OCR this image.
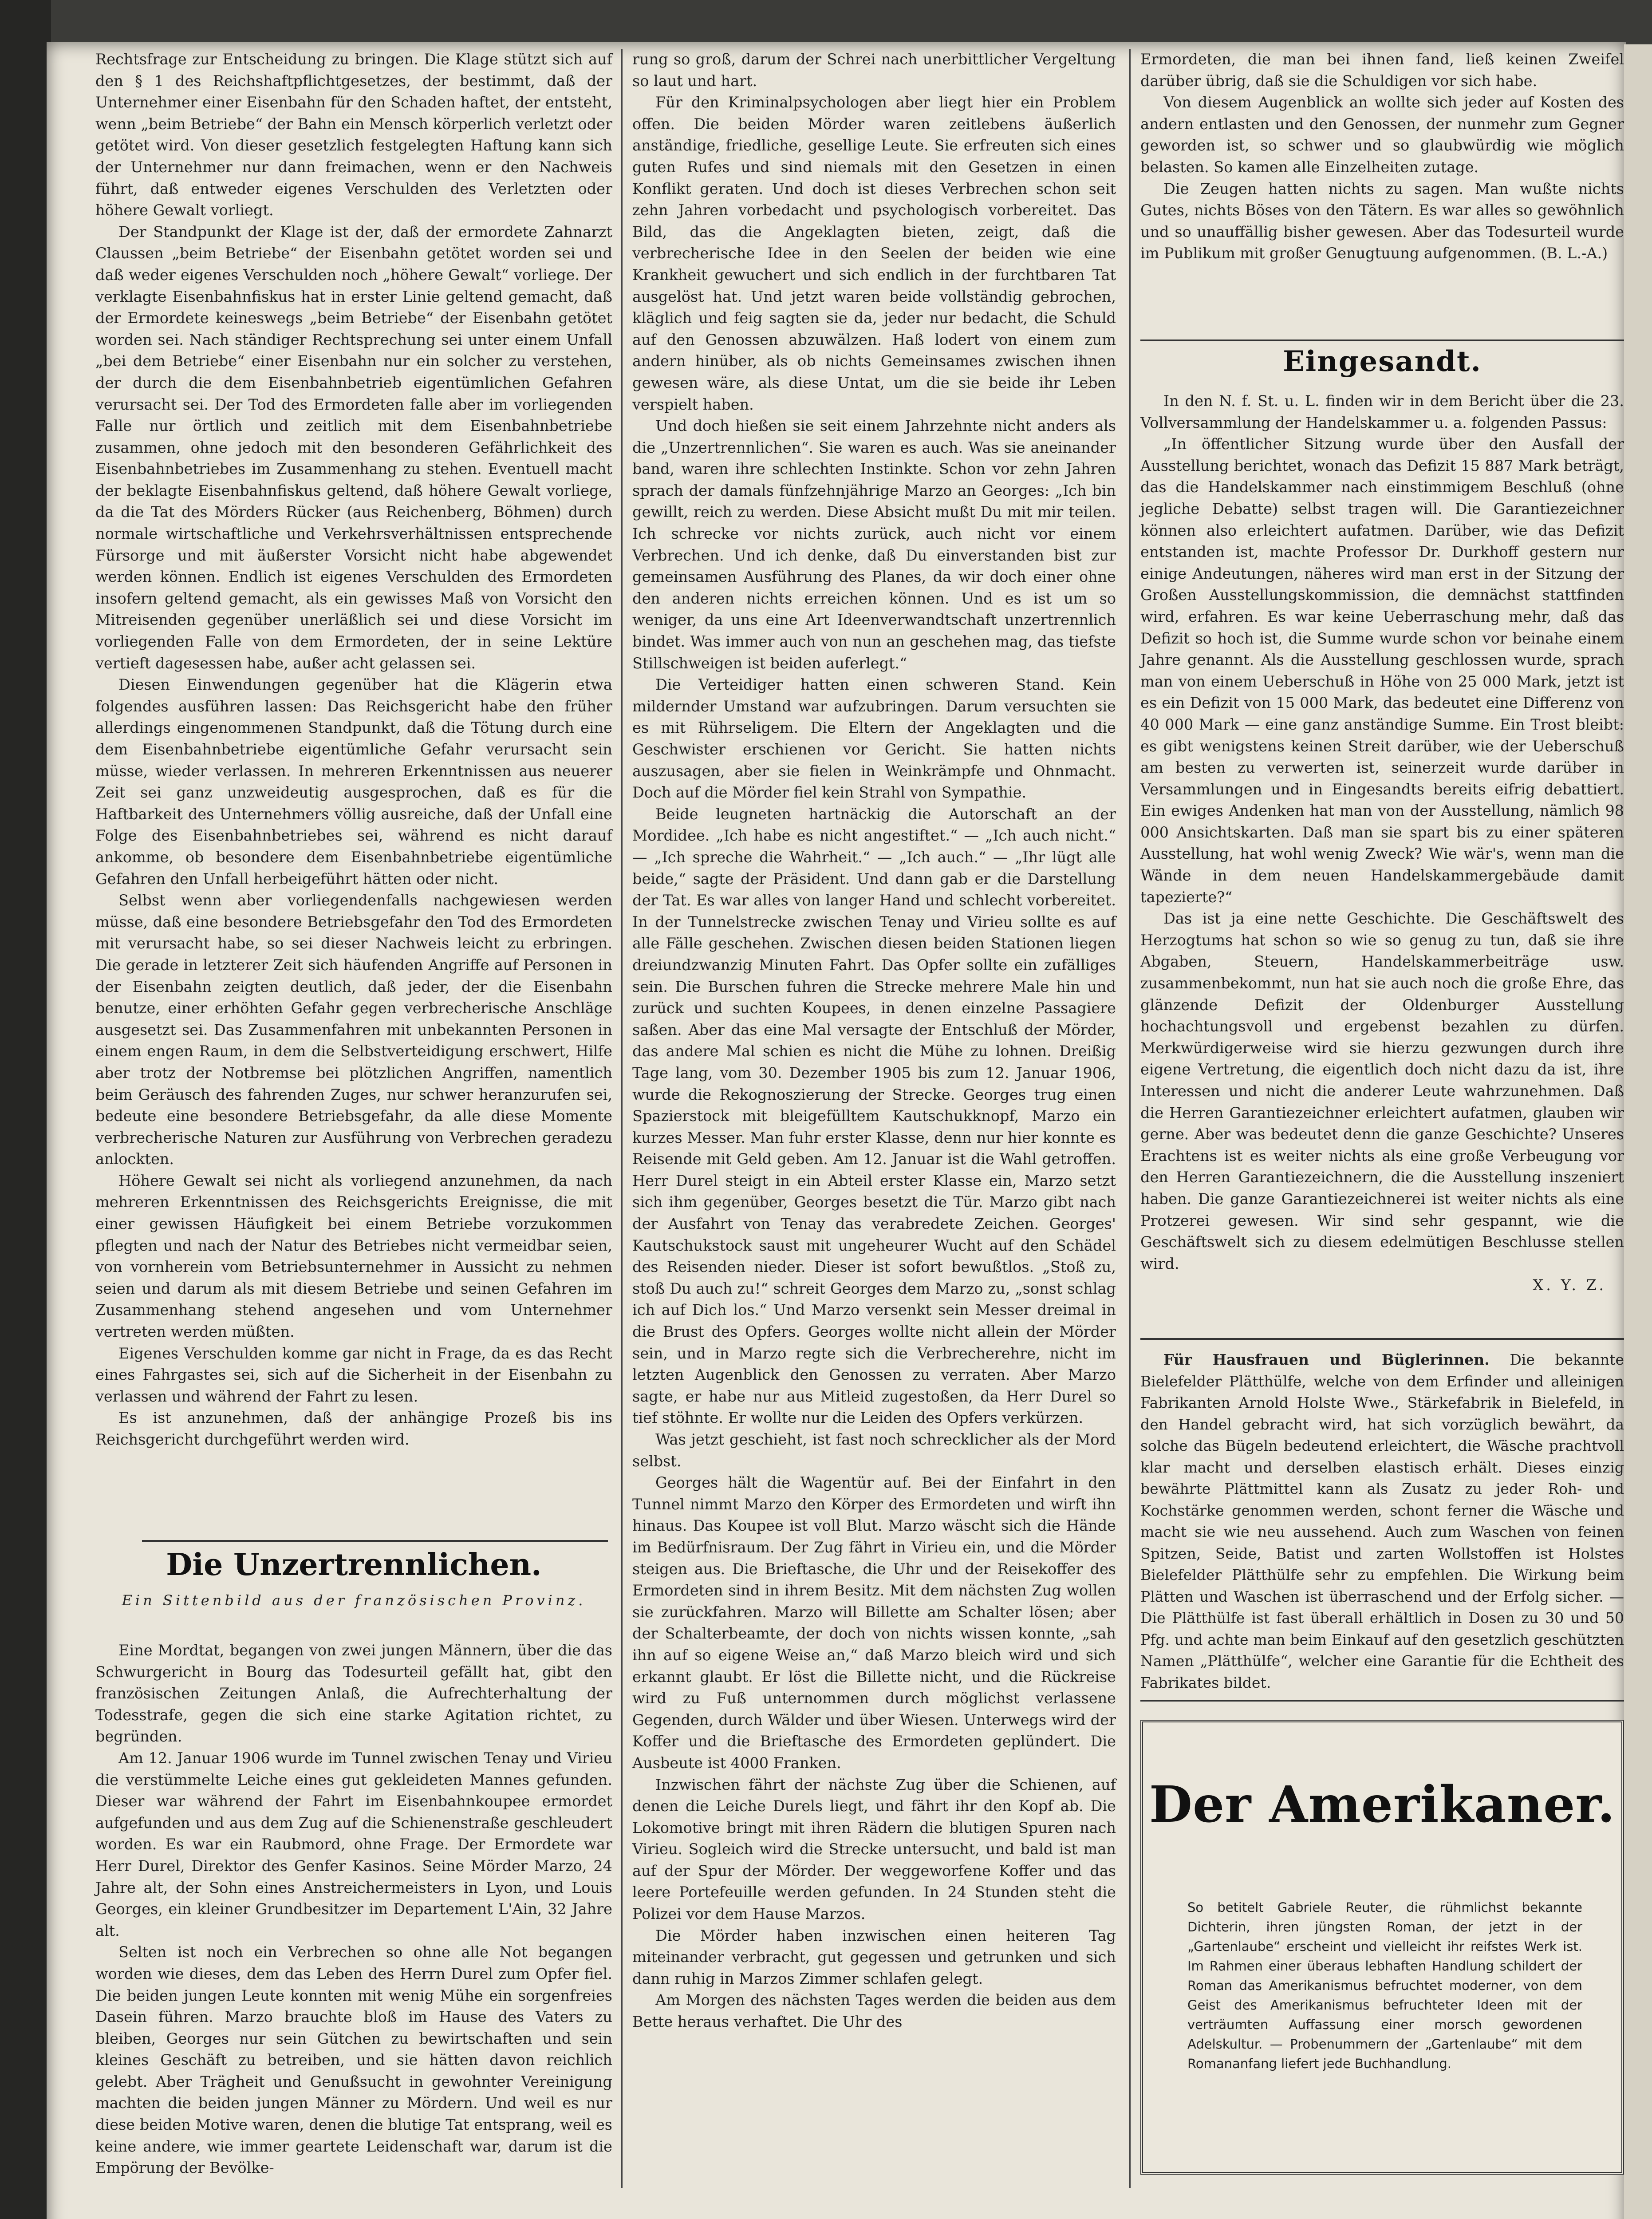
Rechtsfrage zur Entscheidung zu bringen. Die Klage stützt sich auf den § 1 des Reichshaftpflichtgesetzes, der bestimmt, daß der Unternehmer einer Eisenbahn für den Schaden haftet, der entsteht, wenn „beim Betriebe“ der Bahn ein Mensch körperlich verletzt oder getötet wird. Von dieser gesetzlich festgelegten Haftung kann sich der Unternehmer nur dann freimachen, wenn er den Nachweis führt, daß entweder eigenes Verschulden des Verletzten oder höhere Gewalt vorliegt.

Der Standpunkt der Klage ist der, daß der ermordete Zahnarzt Claussen „beim Betriebe“ der Eisenbahn getötet worden sei und daß weder eigenes Verschulden noch „höhere Gewalt“ vorliege. Der verklagte Eisenbahnfiskus hat in erster Linie geltend gemacht, daß der Ermordete keineswegs „beim Betriebe“ der Eisenbahn getötet worden sei. Nach ständiger Rechtsprechung sei unter einem Unfall „bei dem Betriebe“ einer Eisenbahn nur ein solcher zu verstehen, der durch die dem Eisenbahnbetrieb eigentümlichen Gefahren verursacht sei. Der Tod des Ermordeten falle aber im vorliegenden Falle nur örtlich und zeitlich mit dem Eisenbahnbetriebe zusammen, ohne jedoch mit den besonderen Gefährlichkeit des Eisenbahnbetriebes im Zusammenhang zu stehen. Eventuell macht der beklagte Eisenbahnfiskus geltend, daß höhere Gewalt vorliege, da die Tat des Mörders Rücker (aus Reichenberg, Böhmen) durch normale wirtschaftliche und Verkehrsverhältnissen entsprechende Fürsorge und mit äußerster Vorsicht nicht habe abgewendet werden können. Endlich ist eigenes Verschulden des Ermordeten insofern geltend gemacht, als ein gewisses Maß von Vorsicht den Mitreisenden gegenüber unerläßlich sei und diese Vorsicht im vorliegenden Falle von dem Ermordeten, der in seine Lektüre vertieft dagesessen habe, außer acht gelassen sei.

Diesen Einwendungen gegenüber hat die Klägerin etwa folgendes ausführen lassen: Das Reichsgericht habe den früher allerdings eingenommenen Standpunkt, daß die Tötung durch eine dem Eisenbahnbetriebe eigentümliche Gefahr verursacht sein müsse, wieder verlassen. In mehreren Erkenntnissen aus neuerer Zeit sei ganz unzweideutig ausgesprochen, daß es für die Haftbarkeit des Unternehmers völlig ausreiche, daß der Unfall eine Folge des Eisenbahnbetriebes sei, während es nicht darauf ankomme, ob besondere dem Eisenbahnbetriebe eigentümliche Gefahren den Unfall herbeigeführt hätten oder nicht.

Selbst wenn aber vorliegendenfalls nachgewiesen werden müsse, daß eine besondere Betriebsgefahr den Tod des Ermordeten mit verursacht habe, so sei dieser Nachweis leicht zu erbringen. Die gerade in letzterer Zeit sich häufenden Angriffe auf Personen in der Eisenbahn zeigten deutlich, daß jeder, der die Eisenbahn benutze, einer erhöhten Gefahr gegen verbrecherische Anschläge ausgesetzt sei. Das Zusammenfahren mit unbekannten Personen in einem engen Raum, in dem die Selbstverteidigung erschwert, Hilfe aber trotz der Notbremse bei plötzlichen Angriffen, namentlich beim Geräusch des fahrenden Zuges, nur schwer heranzurufen sei, bedeute eine besondere Betriebsgefahr, da alle diese Momente verbrecherische Naturen zur Ausführung von Verbrechen geradezu anlockten.

Höhere Gewalt sei nicht als vorliegend anzunehmen, da nach mehreren Erkenntnissen des Reichsgerichts Ereignisse, die mit einer gewissen Häufigkeit bei einem Betriebe vorzukommen pflegten und nach der Natur des Betriebes nicht vermeidbar seien, von vornherein vom Betriebsunternehmer in Aussicht zu nehmen seien und darum als mit diesem Betriebe und seinen Gefahren im Zusammenhang stehend angesehen und vom Unternehmer vertreten werden müßten.

Eigenes Verschulden komme gar nicht in Frage, da es das Recht eines Fahrgastes sei, sich auf die Sicherheit in der Eisenbahn zu verlassen und während der Fahrt zu lesen.

Es ist anzunehmen, daß der anhängige Prozeß bis ins Reichsgericht durchgeführt werden wird.

Die Unzertrennlichen.
Ein Sittenbild aus der französischen Provinz.

Eine Mordtat, begangen von zwei jungen Männern, über die das Schwurgericht in Bourg das Todesurteil gefällt hat, gibt den französischen Zeitungen Anlaß, die Aufrechterhaltung der Todesstrafe, gegen die sich eine starke Agitation richtet, zu begründen.

Am 12. Januar 1906 wurde im Tunnel zwischen Tenay und Virieu die verstümmelte Leiche eines gut gekleideten Mannes gefunden. Dieser war während der Fahrt im Eisenbahnkoupee ermordet aufgefunden und aus dem Zug auf die Schienenstraße geschleudert worden. Es war ein Raubmord, ohne Frage. Der Ermordete war Herr Durel, Direktor des Genfer Kasinos. Seine Mörder Marzo, 24 Jahre alt, der Sohn eines Anstreichermeisters in Lyon, und Louis Georges, ein kleiner Grundbesitzer im Departement L'Ain, 32 Jahre alt.

Selten ist noch ein Verbrechen so ohne alle Not begangen worden wie dieses, dem das Leben des Herrn Durel zum Opfer fiel. Die beiden jungen Leute konnten mit wenig Mühe ein sorgenfreies Dasein führen. Marzo brauchte bloß im Hause des Vaters zu bleiben, Georges nur sein Gütchen zu bewirtschaften und sein kleines Geschäft zu betreiben, und sie hätten davon reichlich gelebt. Aber Trägheit und Genußsucht in gewohnter Vereinigung machten die beiden jungen Männer zu Mördern. Und weil es nur diese beiden Motive waren, denen die blutige Tat entsprang, weil es keine andere, wie immer geartete Leidenschaft war, darum ist die Empörung der Bevölke-

rung so groß, darum der Schrei nach unerbittlicher Vergeltung so laut und hart.

Für den Kriminalpsychologen aber liegt hier ein Problem offen. Die beiden Mörder waren zeitlebens äußerlich anständige, friedliche, gesellige Leute. Sie erfreuten sich eines guten Rufes und sind niemals mit den Gesetzen in einen Konflikt geraten. Und doch ist dieses Verbrechen schon seit zehn Jahren vorbedacht und psychologisch vorbereitet. Das Bild, das die Angeklagten bieten, zeigt, daß die verbrecherische Idee in den Seelen der beiden wie eine Krankheit gewuchert und sich endlich in der furchtbaren Tat ausgelöst hat. Und jetzt waren beide vollständig gebrochen, kläglich und feig sagten sie da, jeder nur bedacht, die Schuld auf den Genossen abzuwälzen. Haß lodert von einem zum andern hinüber, als ob nichts Gemeinsames zwischen ihnen gewesen wäre, als diese Untat, um die sie beide ihr Leben verspielt haben.

Und doch hießen sie seit einem Jahrzehnte nicht anders als die „Unzertrennlichen“. Sie waren es auch. Was sie aneinander band, waren ihre schlechten Instinkte. Schon vor zehn Jahren sprach der damals fünfzehnjährige Marzo an Georges: „Ich bin gewillt, reich zu werden. Diese Absicht mußt Du mit mir teilen. Ich schrecke vor nichts zurück, auch nicht vor einem Verbrechen. Und ich denke, daß Du einverstanden bist zur gemeinsamen Ausführung des Planes, da wir doch einer ohne den anderen nichts erreichen können. Und es ist um so weniger, da uns eine Art Ideenverwandtschaft unzertrennlich bindet. Was immer auch von nun an geschehen mag, das tiefste Stillschweigen ist beiden auferlegt.“

Die Verteidiger hatten einen schweren Stand. Kein mildernder Umstand war aufzubringen. Darum versuchten sie es mit Rührseligem. Die Eltern der Angeklagten und die Geschwister erschienen vor Gericht. Sie hatten nichts auszusagen, aber sie fielen in Weinkrämpfe und Ohnmacht. Doch auf die Mörder fiel kein Strahl von Sympathie.

Beide leugneten hartnäckig die Autorschaft an der Mordidee. „Ich habe es nicht angestiftet.“ — „Ich auch nicht.“ — „Ich spreche die Wahrheit.“ — „Ich auch.“ — „Ihr lügt alle beide,“ sagte der Präsident. Und dann gab er die Darstellung der Tat. Es war alles von langer Hand und schlecht vorbereitet. In der Tunnelstrecke zwischen Tenay und Virieu sollte es auf alle Fälle geschehen. Zwischen diesen beiden Stationen liegen dreiundzwanzig Minuten Fahrt. Das Opfer sollte ein zufälliges sein. Die Burschen fuhren die Strecke mehrere Male hin und zurück und suchten Koupees, in denen einzelne Passagiere saßen. Aber das eine Mal versagte der Entschluß der Mörder, das andere Mal schien es nicht die Mühe zu lohnen. Dreißig Tage lang, vom 30. Dezember 1905 bis zum 12. Januar 1906, wurde die Rekognoszierung der Strecke. Georges trug einen Spazierstock mit bleigefülltem Kautschukknopf, Marzo ein kurzes Messer. Man fuhr erster Klasse, denn nur hier konnte es Reisende mit Geld geben. Am 12. Januar ist die Wahl getroffen. Herr Durel steigt in ein Abteil erster Klasse ein, Marzo setzt sich ihm gegenüber, Georges besetzt die Tür. Marzo gibt nach der Ausfahrt von Tenay das verabredete Zeichen. Georges' Kautschukstock saust mit ungeheurer Wucht auf den Schädel des Reisenden nieder. Dieser ist sofort bewußtlos. „Stoß zu, stoß Du auch zu!“ schreit Georges dem Marzo zu, „sonst schlag ich auf Dich los.“ Und Marzo versenkt sein Messer dreimal in die Brust des Opfers. Georges wollte nicht allein der Mörder sein, und in Marzo regte sich die Verbrecherehre, nicht im letzten Augenblick den Genossen zu verraten. Aber Marzo sagte, er habe nur aus Mitleid zugestoßen, da Herr Durel so tief stöhnte. Er wollte nur die Leiden des Opfers verkürzen.

Was jetzt geschieht, ist fast noch schrecklicher als der Mord selbst.

Georges hält die Wagentür auf. Bei der Einfahrt in den Tunnel nimmt Marzo den Körper des Ermordeten und wirft ihn hinaus. Das Koupee ist voll Blut. Marzo wäscht sich die Hände im Bedürfnisraum. Der Zug fährt in Virieu ein, und die Mörder steigen aus. Die Brieftasche, die Uhr und der Reisekoffer des Ermordeten sind in ihrem Besitz. Mit dem nächsten Zug wollen sie zurückfahren. Marzo will Billette am Schalter lösen; aber der Schalterbeamte, der doch von nichts wissen konnte, „sah ihn auf so eigene Weise an,“ daß Marzo bleich wird und sich erkannt glaubt. Er löst die Billette nicht, und die Rückreise wird zu Fuß unternommen durch möglichst verlassene Gegenden, durch Wälder und über Wiesen. Unterwegs wird der Koffer und die Brieftasche des Ermordeten geplündert. Die Ausbeute ist 4000 Franken.

Inzwischen fährt der nächste Zug über die Schienen, auf denen die Leiche Durels liegt, und fährt ihr den Kopf ab. Die Lokomotive bringt mit ihren Rädern die blutigen Spuren nach Virieu. Sogleich wird die Strecke untersucht, und bald ist man auf der Spur der Mörder. Der weggeworfene Koffer und das leere Portefeuille werden gefunden. In 24 Stunden steht die Polizei vor dem Hause Marzos.

Die Mörder haben inzwischen einen heiteren Tag miteinander verbracht, gut gegessen und getrunken und sich dann ruhig in Marzos Zimmer schlafen gelegt.

Am Morgen des nächsten Tages werden die beiden aus dem Bette heraus verhaftet. Die Uhr des

Ermordeten, die man bei ihnen fand, ließ keinen Zweifel darüber übrig, daß sie die Schuldigen vor sich habe.

Von diesem Augenblick an wollte sich jeder auf Kosten des andern entlasten und den Genossen, der nunmehr zum Gegner geworden ist, so schwer und so glaubwürdig wie möglich belasten. So kamen alle Einzelheiten zutage.

Die Zeugen hatten nichts zu sagen. Man wußte nichts Gutes, nichts Böses von den Tätern. Es war alles so gewöhnlich und so unauffällig bisher gewesen. Aber das Todesurteil wurde im Publikum mit großer Genugtuung aufgenommen. (B. L.-A.)

Eingesandt.

In den N. f. St. u. L. finden wir in dem Bericht über die 23. Vollversammlung der Handelskammer u. a. folgenden Passus:

„In öffentlicher Sitzung wurde über den Ausfall der Ausstellung berichtet, wonach das Defizit 15 887 Mark beträgt, das die Handelskammer nach einstimmigem Beschluß (ohne jegliche Debatte) selbst tragen will. Die Garantiezeichner können also erleichtert aufatmen. Darüber, wie das Defizit entstanden ist, machte Professor Dr. Durkhoff gestern nur einige Andeutungen, näheres wird man erst in der Sitzung der Großen Ausstellungskommission, die demnächst stattfinden wird, erfahren. Es war keine Ueberraschung mehr, daß das Defizit so hoch ist, die Summe wurde schon vor beinahe einem Jahre genannt. Als die Ausstellung geschlossen wurde, sprach man von einem Ueberschuß in Höhe von 25 000 Mark, jetzt ist es ein Defizit von 15 000 Mark, das bedeutet eine Differenz von 40 000 Mark — eine ganz anständige Summe. Ein Trost bleibt: es gibt wenigstens keinen Streit darüber, wie der Ueberschuß am besten zu verwerten ist, seinerzeit wurde darüber in Versammlungen und in Eingesandts bereits eifrig debattiert. Ein ewiges Andenken hat man von der Ausstellung, nämlich 98 000 Ansichtskarten. Daß man sie spart bis zu einer späteren Ausstellung, hat wohl wenig Zweck? Wie wär's, wenn man die Wände in dem neuen Handelskammergebäude damit tapezierte?“

Das ist ja eine nette Geschichte. Die Geschäftswelt des Herzogtums hat schon so wie so genug zu tun, daß sie ihre Abgaben, Steuern, Handelskammerbeiträge usw. zusammenbekommt, nun hat sie auch noch die große Ehre, das glänzende Defizit der Oldenburger Ausstellung hochachtungsvoll und ergebenst bezahlen zu dürfen. Merkwürdigerweise wird sie hierzu gezwungen durch ihre eigene Vertretung, die eigentlich doch nicht dazu da ist, ihre Interessen und nicht die anderer Leute wahrzunehmen. Daß die Herren Garantiezeichner erleichtert aufatmen, glauben wir gerne. Aber was bedeutet denn die ganze Geschichte? Unseres Erachtens ist es weiter nichts als eine große Verbeugung vor den Herren Garantiezeichnern, die die Ausstellung inszeniert haben. Die ganze Garantiezeichnerei ist weiter nichts als eine Protzerei gewesen. Wir sind sehr gespannt, wie die Geschäftswelt sich zu diesem edelmütigen Beschlusse stellen wird.

X. Y. Z.

Für Hausfrauen und Büglerinnen. Die bekannte Bielefelder Plätthülfe, welche von dem Erfinder und alleinigen Fabrikanten Arnold Holste Wwe., Stärkefabrik in Bielefeld, in den Handel gebracht wird, hat sich vorzüglich bewährt, da solche das Bügeln bedeutend erleichtert, die Wäsche prachtvoll klar macht und derselben elastisch erhält. Dieses einzig bewährte Plättmittel kann als Zusatz zu jeder Roh- und Kochstärke genommen werden, schont ferner die Wäsche und macht sie wie neu aussehend. Auch zum Waschen von feinen Spitzen, Seide, Batist und zarten Wollstoffen ist Holstes Bielefelder Plätthülfe sehr zu empfehlen. Die Wirkung beim Plätten und Waschen ist überraschend und der Erfolg sicher. — Die Plätthülfe ist fast überall erhältlich in Dosen zu 30 und 50 Pfg. und achte man beim Einkauf auf den gesetzlich geschützten Namen „Plätthülfe“, welcher eine Garantie für die Echtheit des Fabrikates bildet.

Der Amerikaner.
So betitelt Gabriele Reuter, die rühmlichst bekannte Dichterin, ihren jüngsten Roman, der jetzt in der „Gartenlaube“ erscheint und vielleicht ihr reifstes Werk ist. Im Rahmen einer überaus lebhaften Handlung schildert der Roman das Amerikanismus befruchtet moderner, von dem Geist des Amerikanismus befruchteter Ideen mit der verträumten Auffassung einer morsch gewordenen Adelskultur. — Probenummern der „Gartenlaube“ mit dem Romananfang liefert jede Buchhandlung.
